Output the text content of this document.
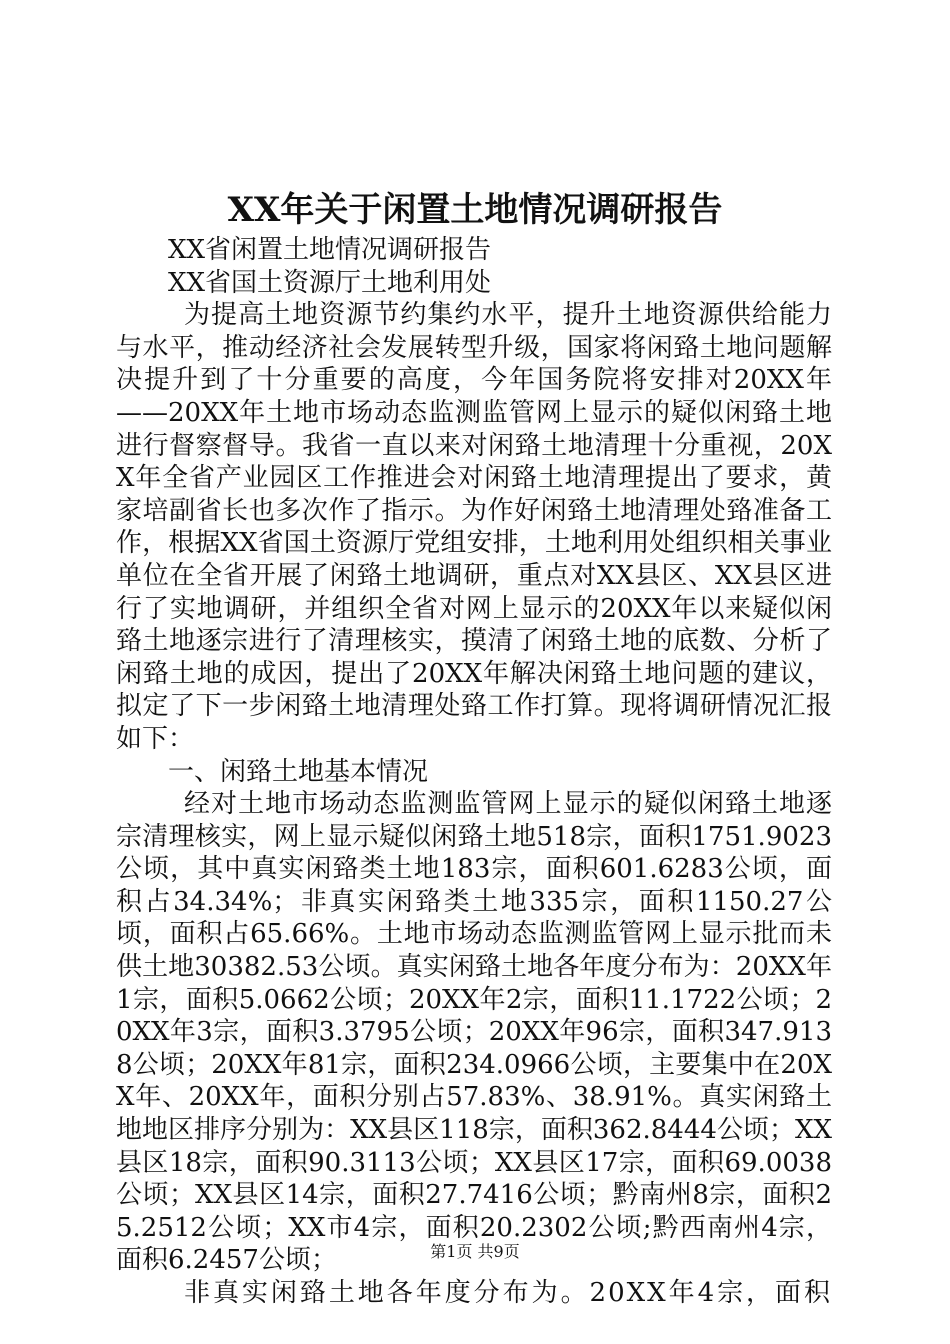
XX年关于闲置土地情况调研报告

XX省闲置土地情况调研报告

XX省国土资源厅土地利用处

为提高土地资源节约集约水平，提升土地资源供给能力与水平，推动经济社会发展转型升级，国家将闲臵土地问题解决提升到了十分重要的高度，今年国务院将安排对20XX年——20XX年土地市场动态监测监管网上显示的疑似闲臵土地进行督察督导。我省一直以来对闲臵土地清理十分重视，20XX年全省产业园区工作推进会对闲臵土地清理提出了要求，黄家培副省长也多次作了指示。为作好闲臵土地清理处臵准备工作，根据XX省国土资源厅党组安排，土地利用处组织相关事业单位在全省开展了闲臵土地调研，重点对XX县区、XX县区进行了实地调研，并组织全省对网上显示的20XX年以来疑似闲臵土地逐宗进行了清理核实，摸清了闲臵土地的底数、分析了闲臵土地的成因，提出了20XX年解决闲臵土地问题的建议，拟定了下一步闲臵土地清理处臵工作打算。现将调研情况汇报如下：

一、闲臵土地基本情况

经对土地市场动态监测监管网上显示的疑似闲臵土地逐宗清理核实，网上显示疑似闲臵土地518宗，面积1751.9023公顷，其中真实闲臵类土地183宗，面积601.6283公顷，面积占34.34%；非真实闲臵类土地335宗，面积1150.27公顷，面积占65.66%。土地市场动态监测监管网上显示批而未供土地30382.53公顷。真实闲臵土地各年度分布为：20XX年1宗，面积5.0662公顷；20XX年2宗，面积11.1722公顷；20XX年3宗，面积3.3795公顷；20XX年96宗，面积347.9138公顷；20XX年81宗，面积234.0966公顷，主要集中在20XX年、20XX年，面积分别占57.83%、38.91%。真实闲臵土地地区排序分别为：XX县区118宗，面积362.8444公顷；XX县区18宗，面积90.3113公顷；XX县区17宗，面积69.0038公顷；XX县区14宗，面积27.7416公顷；黔南州8宗，面积25.2512公顷；XX市4宗，面积20.2302公顷;黔西南州4宗，面积6.2457公顷；

非真实闲臵土地各年度分布为。20XX年4宗，面积

第1页 共9页
